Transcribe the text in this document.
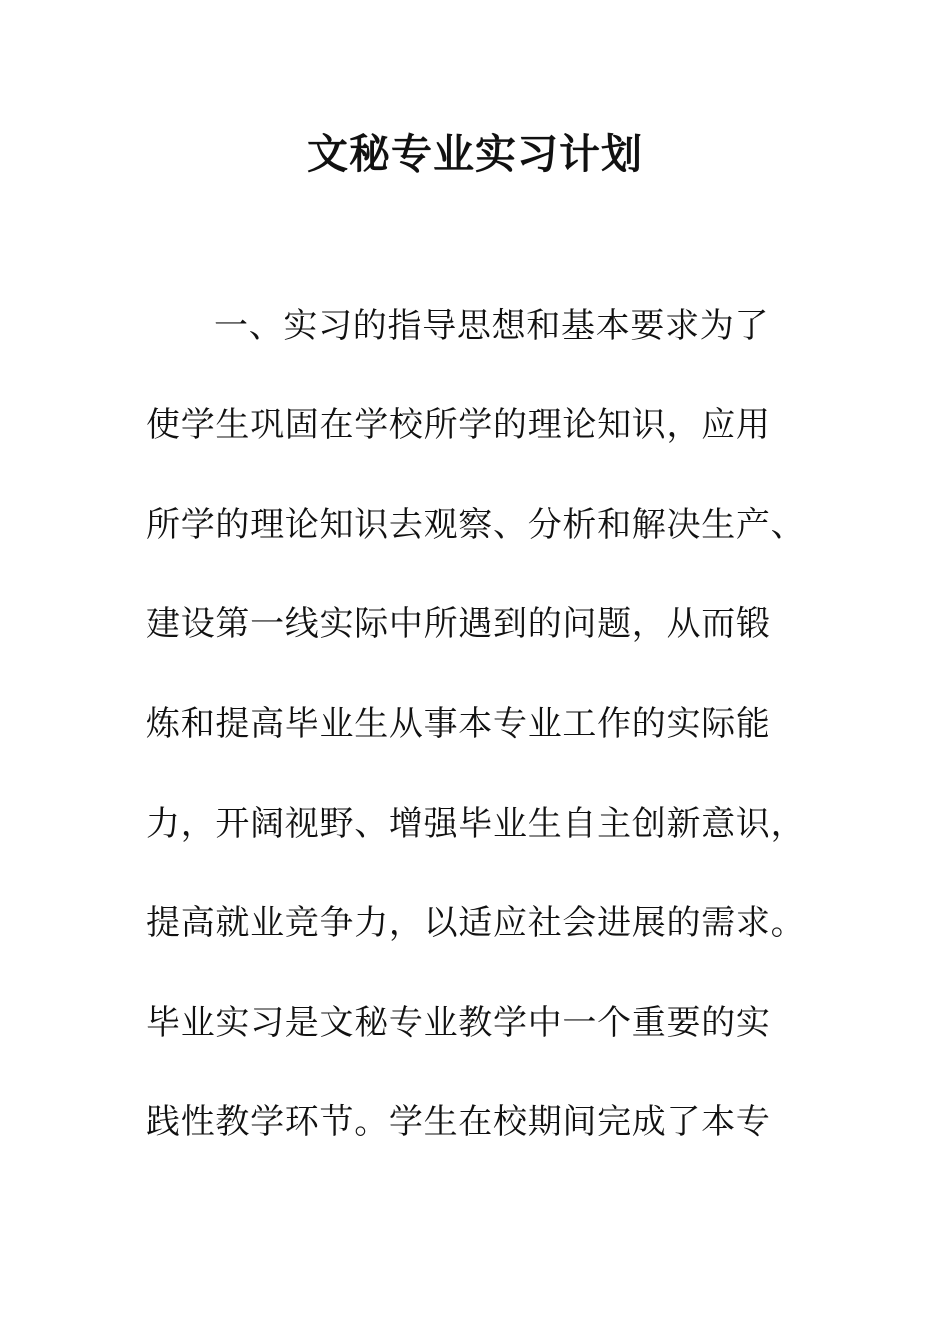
文秘专业实习计划
一、实习的指导思想和基本要求为了
使学生巩固在学校所学的理论知识，应用
所学的理论知识去观察、分析和解决生产、
建设第一线实际中所遇到的问题，从而锻
炼和提高毕业生从事本专业工作的实际能
力，开阔视野、增强毕业生自主创新意识，
提高就业竞争力，以适应社会进展的需求。
毕业实习是文秘专业教学中一个重要的实
践性教学环节。学生在校期间完成了本专
